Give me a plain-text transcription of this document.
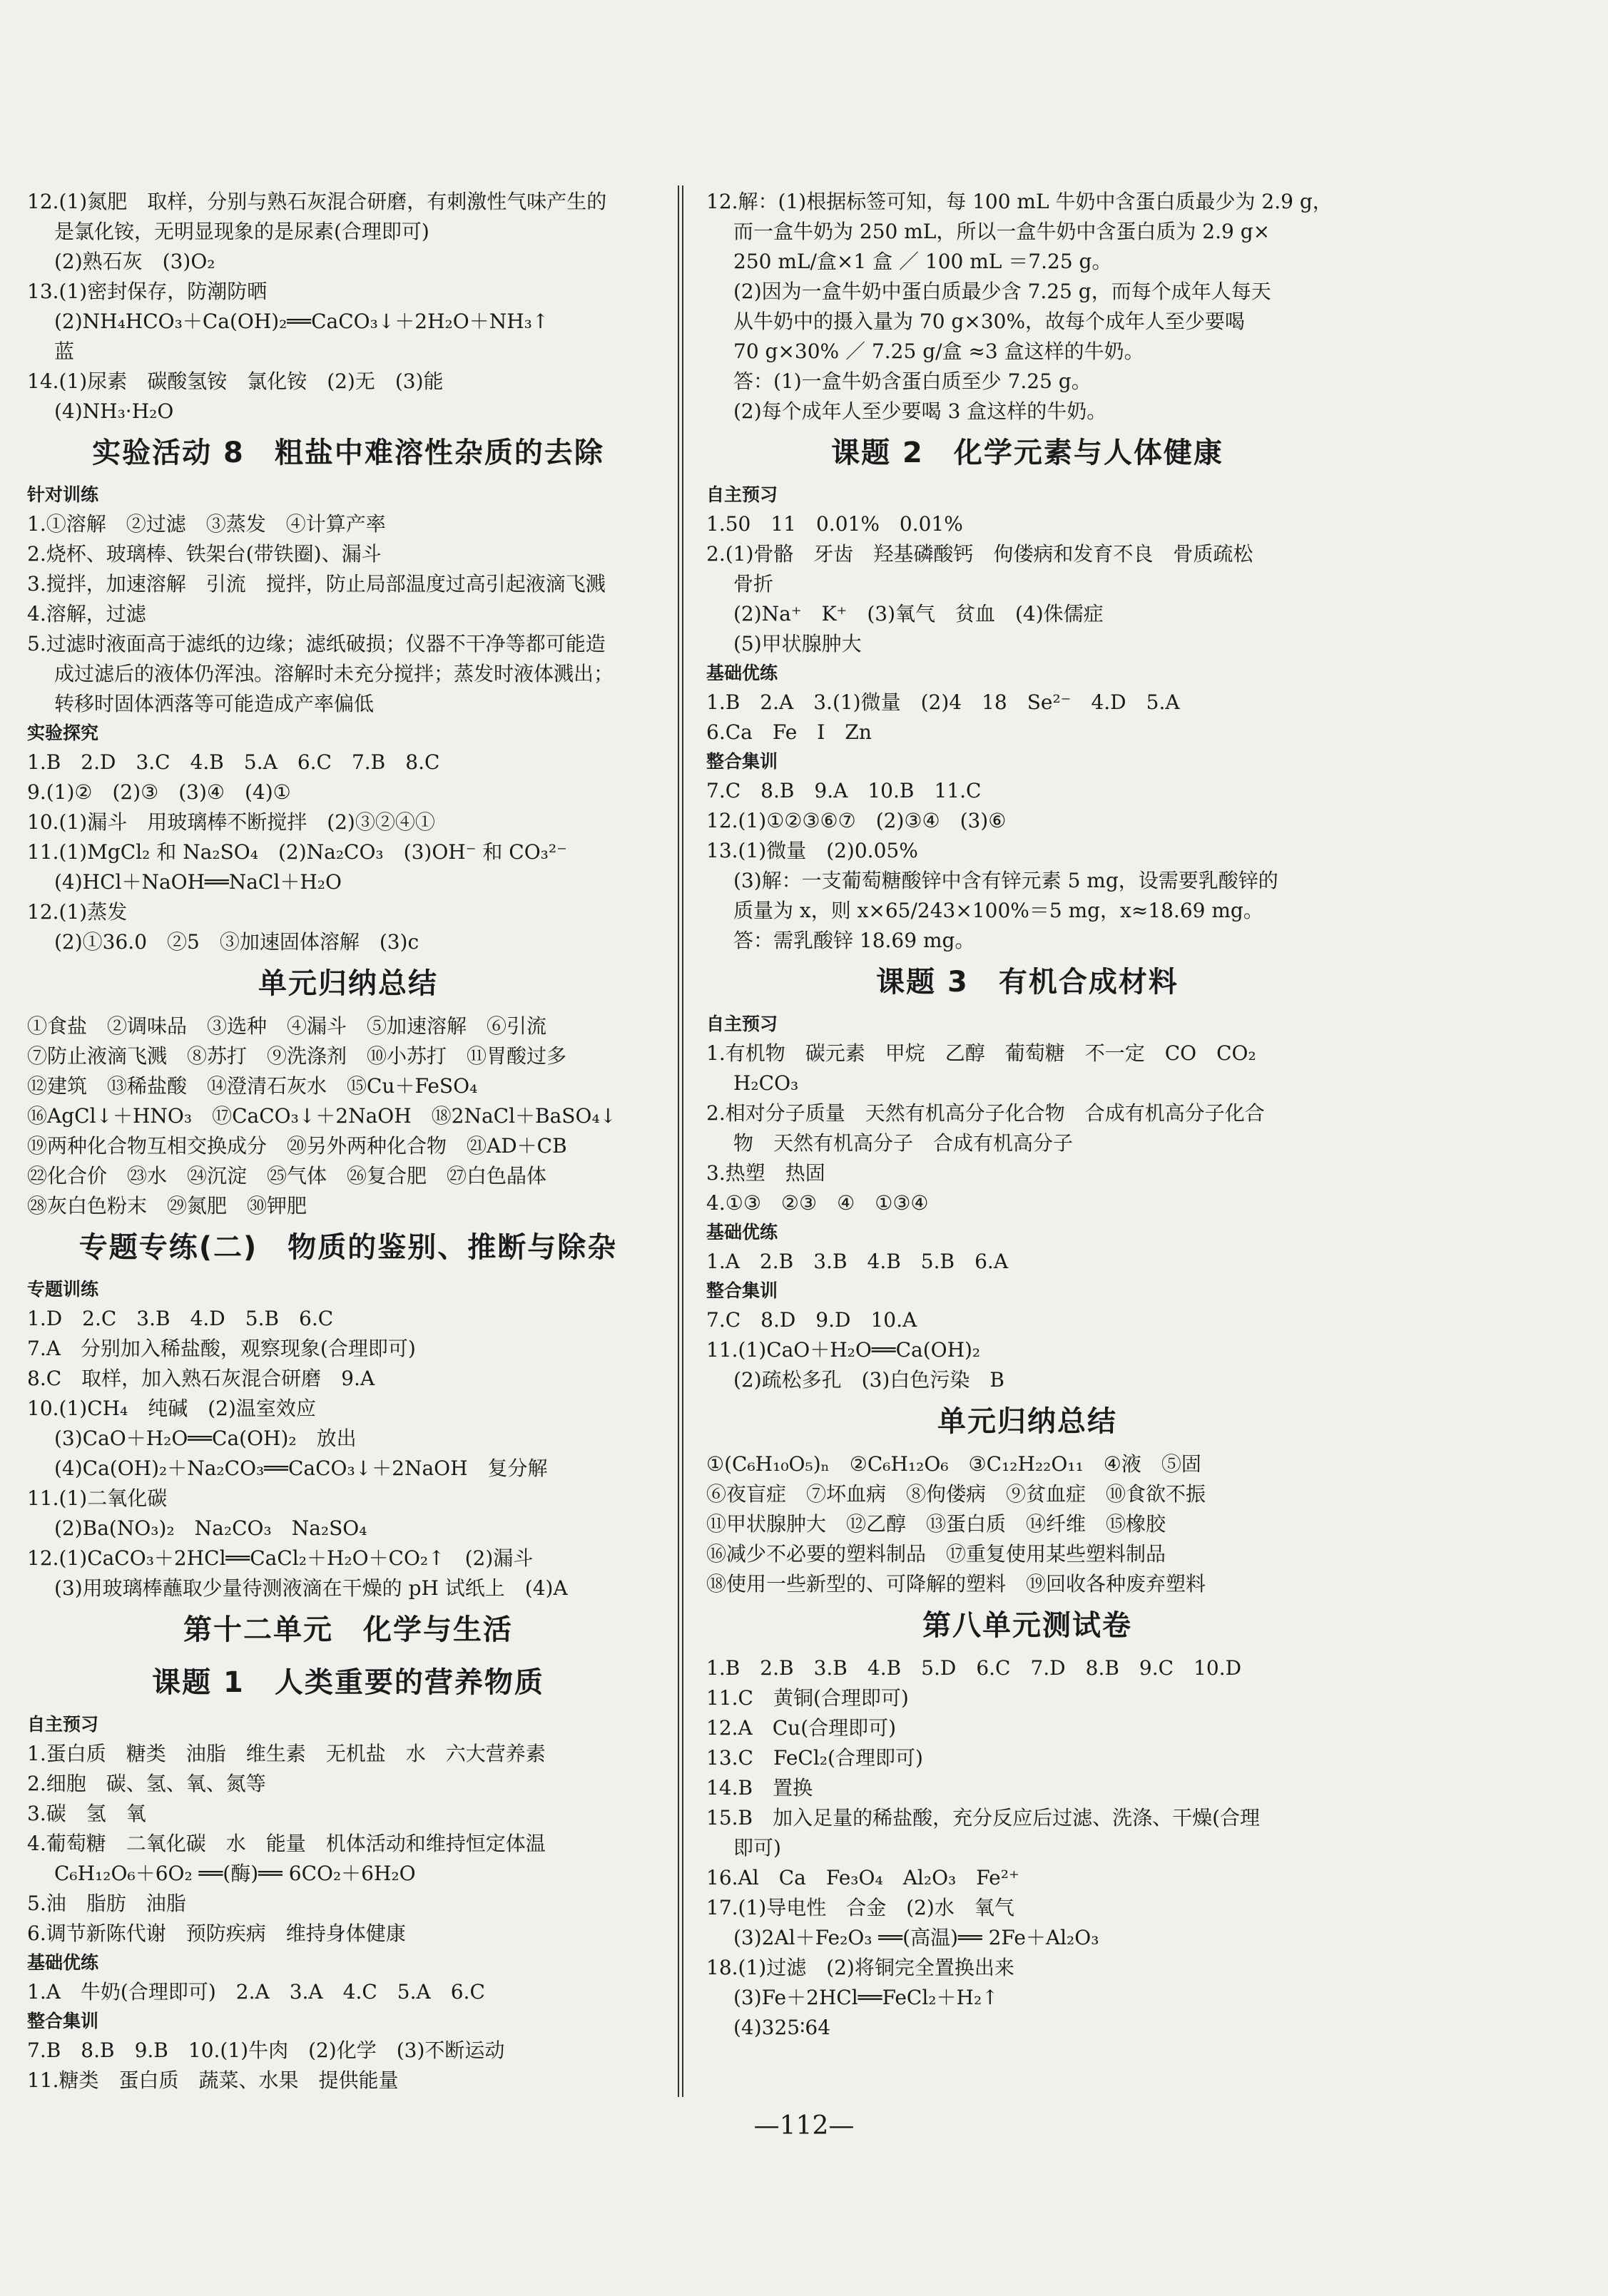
12.(1)氮肥　取样，分别与熟石灰混合研磨，有刺激性气味产生的
是氯化铵，无明显现象的是尿素(合理即可)
(2)熟石灰　(3)O₂
13.(1)密封保存，防潮防晒
(2)NH₄HCO₃＋Ca(OH)₂══CaCO₃↓＋2H₂O＋NH₃↑
蓝
14.(1)尿素　碳酸氢铵　氯化铵　(2)无　(3)能
(4)NH₃·H₂O
实验活动 8　粗盐中难溶性杂质的去除
针对训练
1.①溶解　②过滤　③蒸发　④计算产率
2.烧杯、玻璃棒、铁架台(带铁圈)、漏斗
3.搅拌，加速溶解　引流　搅拌，防止局部温度过高引起液滴飞溅
4.溶解，过滤
5.过滤时液面高于滤纸的边缘；滤纸破损；仪器不干净等都可能造
成过滤后的液体仍浑浊。溶解时未充分搅拌；蒸发时液体溅出；
转移时固体洒落等可能造成产率偏低
实验探究
1.B　2.D　3.C　4.B　5.A　6.C　7.B　8.C
9.(1)②　(2)③　(3)④　(4)①
10.(1)漏斗　用玻璃棒不断搅拌　(2)③②④①
11.(1)MgCl₂ 和 Na₂SO₄　(2)Na₂CO₃　(3)OH⁻ 和 CO₃²⁻
(4)HCl＋NaOH══NaCl＋H₂O
12.(1)蒸发
(2)①36.0　②5　③加速固体溶解　(3)c
单元归纳总结
①食盐　②调味品　③选种　④漏斗　⑤加速溶解　⑥引流
⑦防止液滴飞溅　⑧苏打　⑨洗涤剂　⑩小苏打　⑪胃酸过多
⑫建筑　⑬稀盐酸　⑭澄清石灰水　⑮Cu＋FeSO₄
⑯AgCl↓＋HNO₃　⑰CaCO₃↓＋2NaOH　⑱2NaCl＋BaSO₄↓
⑲两种化合物互相交换成分　⑳另外两种化合物　㉑AD＋CB
㉒化合价　㉓水　㉔沉淀　㉕气体　㉖复合肥　㉗白色晶体
㉘灰白色粉末　㉙氮肥　㉚钾肥
专题专练(二)　物质的鉴别、推断与除杂
专题训练
1.D　2.C　3.B　4.D　5.B　6.C
7.A　分别加入稀盐酸，观察现象(合理即可)
8.C　取样，加入熟石灰混合研磨　9.A
10.(1)CH₄　纯碱　(2)温室效应
(3)CaO＋H₂O══Ca(OH)₂　放出
(4)Ca(OH)₂＋Na₂CO₃══CaCO₃↓＋2NaOH　复分解
11.(1)二氧化碳
(2)Ba(NO₃)₂　Na₂CO₃　Na₂SO₄
12.(1)CaCO₃＋2HCl══CaCl₂＋H₂O＋CO₂↑　(2)漏斗
(3)用玻璃棒蘸取少量待测液滴在干燥的 pH 试纸上　(4)A
第十二单元　化学与生活
课题 1　人类重要的营养物质
自主预习
1.蛋白质　糖类　油脂　维生素　无机盐　水　六大营养素
2.细胞　碳、氢、氧、氮等
3.碳　氢　氧
4.葡萄糖　二氧化碳　水　能量　机体活动和维持恒定体温
C₆H₁₂O₆＋6O₂ ══(酶)══ 6CO₂＋6H₂O
5.油　脂肪　油脂
6.调节新陈代谢　预防疾病　维持身体健康
基础优练
1.A　牛奶(合理即可)　2.A　3.A　4.C　5.A　6.C
整合集训
7.B　8.B　9.B　10.(1)牛肉　(2)化学　(3)不断运动
11.糖类　蛋白质　蔬菜、水果　提供能量
12.解：(1)根据标签可知，每 100 mL 牛奶中含蛋白质最少为 2.9 g，
而一盒牛奶为 250 mL，所以一盒牛奶中含蛋白质为 2.9 g×
250 mL/盒×1 盒 ／ 100 mL ＝7.25 g。
(2)因为一盒牛奶中蛋白质最少含 7.25 g，而每个成年人每天
从牛奶中的摄入量为 70 g×30%，故每个成年人至少要喝
70 g×30% ／ 7.25 g/盒 ≈3 盒这样的牛奶。
答：(1)一盒牛奶含蛋白质至少 7.25 g。
(2)每个成年人至少要喝 3 盒这样的牛奶。
课题 2　化学元素与人体健康
自主预习
1.50　11　0.01%　0.01%
2.(1)骨骼　牙齿　羟基磷酸钙　佝偻病和发育不良　骨质疏松
骨折
(2)Na⁺　K⁺　(3)氧气　贫血　(4)侏儒症
(5)甲状腺肿大
基础优练
1.B　2.A　3.(1)微量　(2)4　18　Se²⁻　4.D　5.A
6.Ca　Fe　I　Zn
整合集训
7.C　8.B　9.A　10.B　11.C
12.(1)①②③⑥⑦　(2)③④　(3)⑥
13.(1)微量　(2)0.05%
(3)解：一支葡萄糖酸锌中含有锌元素 5 mg，设需要乳酸锌的
质量为 x，则 x×65/243×100%＝5 mg，x≈18.69 mg。
答：需乳酸锌 18.69 mg。
课题 3　有机合成材料
自主预习
1.有机物　碳元素　甲烷　乙醇　葡萄糖　不一定　CO　CO₂
H₂CO₃
2.相对分子质量　天然有机高分子化合物　合成有机高分子化合
物　天然有机高分子　合成有机高分子
3.热塑　热固
4.①③　②③　④　①③④
基础优练
1.A　2.B　3.B　4.B　5.B　6.A
整合集训
7.C　8.D　9.D　10.A
11.(1)CaO＋H₂O══Ca(OH)₂
(2)疏松多孔　(3)白色污染　B
单元归纳总结
①(C₆H₁₀O₅)ₙ　②C₆H₁₂O₆　③C₁₂H₂₂O₁₁　④液　⑤固
⑥夜盲症　⑦坏血病　⑧佝偻病　⑨贫血症　⑩食欲不振
⑪甲状腺肿大　⑫乙醇　⑬蛋白质　⑭纤维　⑮橡胶
⑯减少不必要的塑料制品　⑰重复使用某些塑料制品
⑱使用一些新型的、可降解的塑料　⑲回收各种废弃塑料
第八单元测试卷
1.B　2.B　3.B　4.B　5.D　6.C　7.D　8.B　9.C　10.D
11.C　黄铜(合理即可)
12.A　Cu(合理即可)
13.C　FeCl₂(合理即可)
14.B　置换
15.B　加入足量的稀盐酸，充分反应后过滤、洗涤、干燥(合理
即可)
16.Al　Ca　Fe₃O₄　Al₂O₃　Fe²⁺
17.(1)导电性　合金　(2)水　氧气
(3)2Al＋Fe₂O₃ ══(高温)══ 2Fe＋Al₂O₃
18.(1)过滤　(2)将铜完全置换出来
(3)Fe＋2HCl══FeCl₂＋H₂↑
(4)325∶64
—112—
